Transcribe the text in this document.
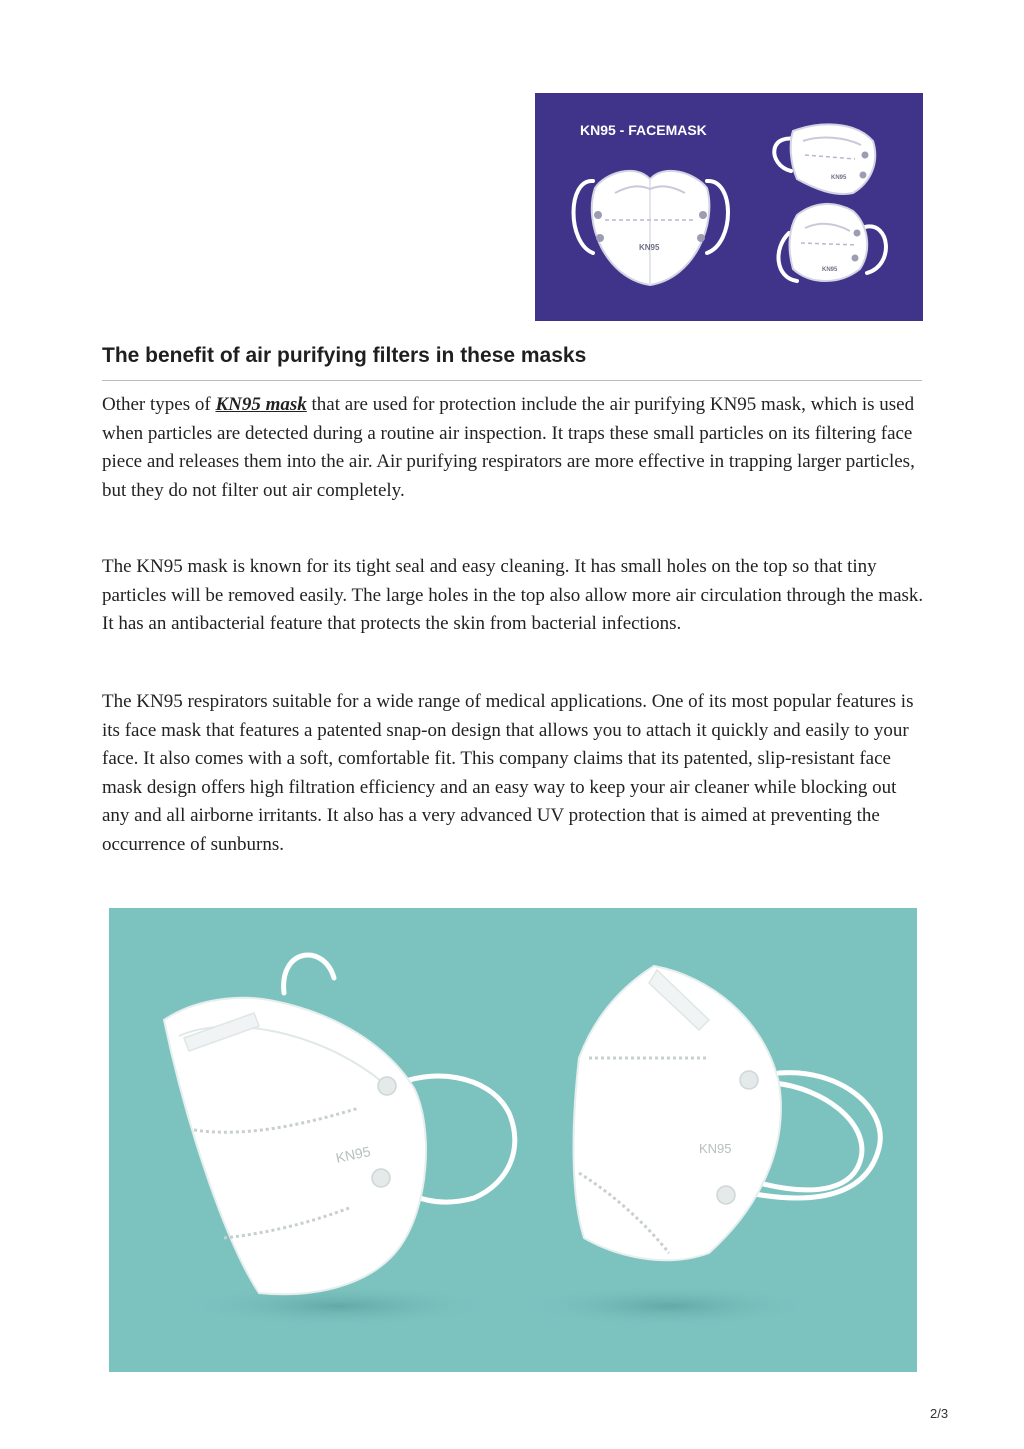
KN95 - FACEMASK
KN95
KN95
KN95
The benefit of air purifying filters in these masks

Other types of KN95 mask that are used for protection include the air purifying KN95 mask, which is used when particles are detected during a routine air inspection. It traps these small particles on its filtering face piece and releases them into the air. Air purifying respirators are more effective in trapping larger particles, but they do not filter out air completely.

The KN95 mask is known for its tight seal and easy cleaning. It has small holes on the top so that tiny particles will be removed easily. The large holes in the top also allow more air circulation through the mask. It has an antibacterial feature that protects the skin from bacterial infections.

The KN95 respirators suitable for a wide range of medical applications. One of its most popular features is its face mask that features a patented snap-on design that allows you to attach it quickly and easily to your face. It also comes with a soft, comfortable fit. This company claims that its patented, slip-resistant face mask design offers high filtration efficiency and an easy way to keep your air cleaner while blocking out any and all airborne irritants. It also has a very advanced UV protection that is aimed at preventing the occurrence of sunburns.

KN95	KN95
2/3
